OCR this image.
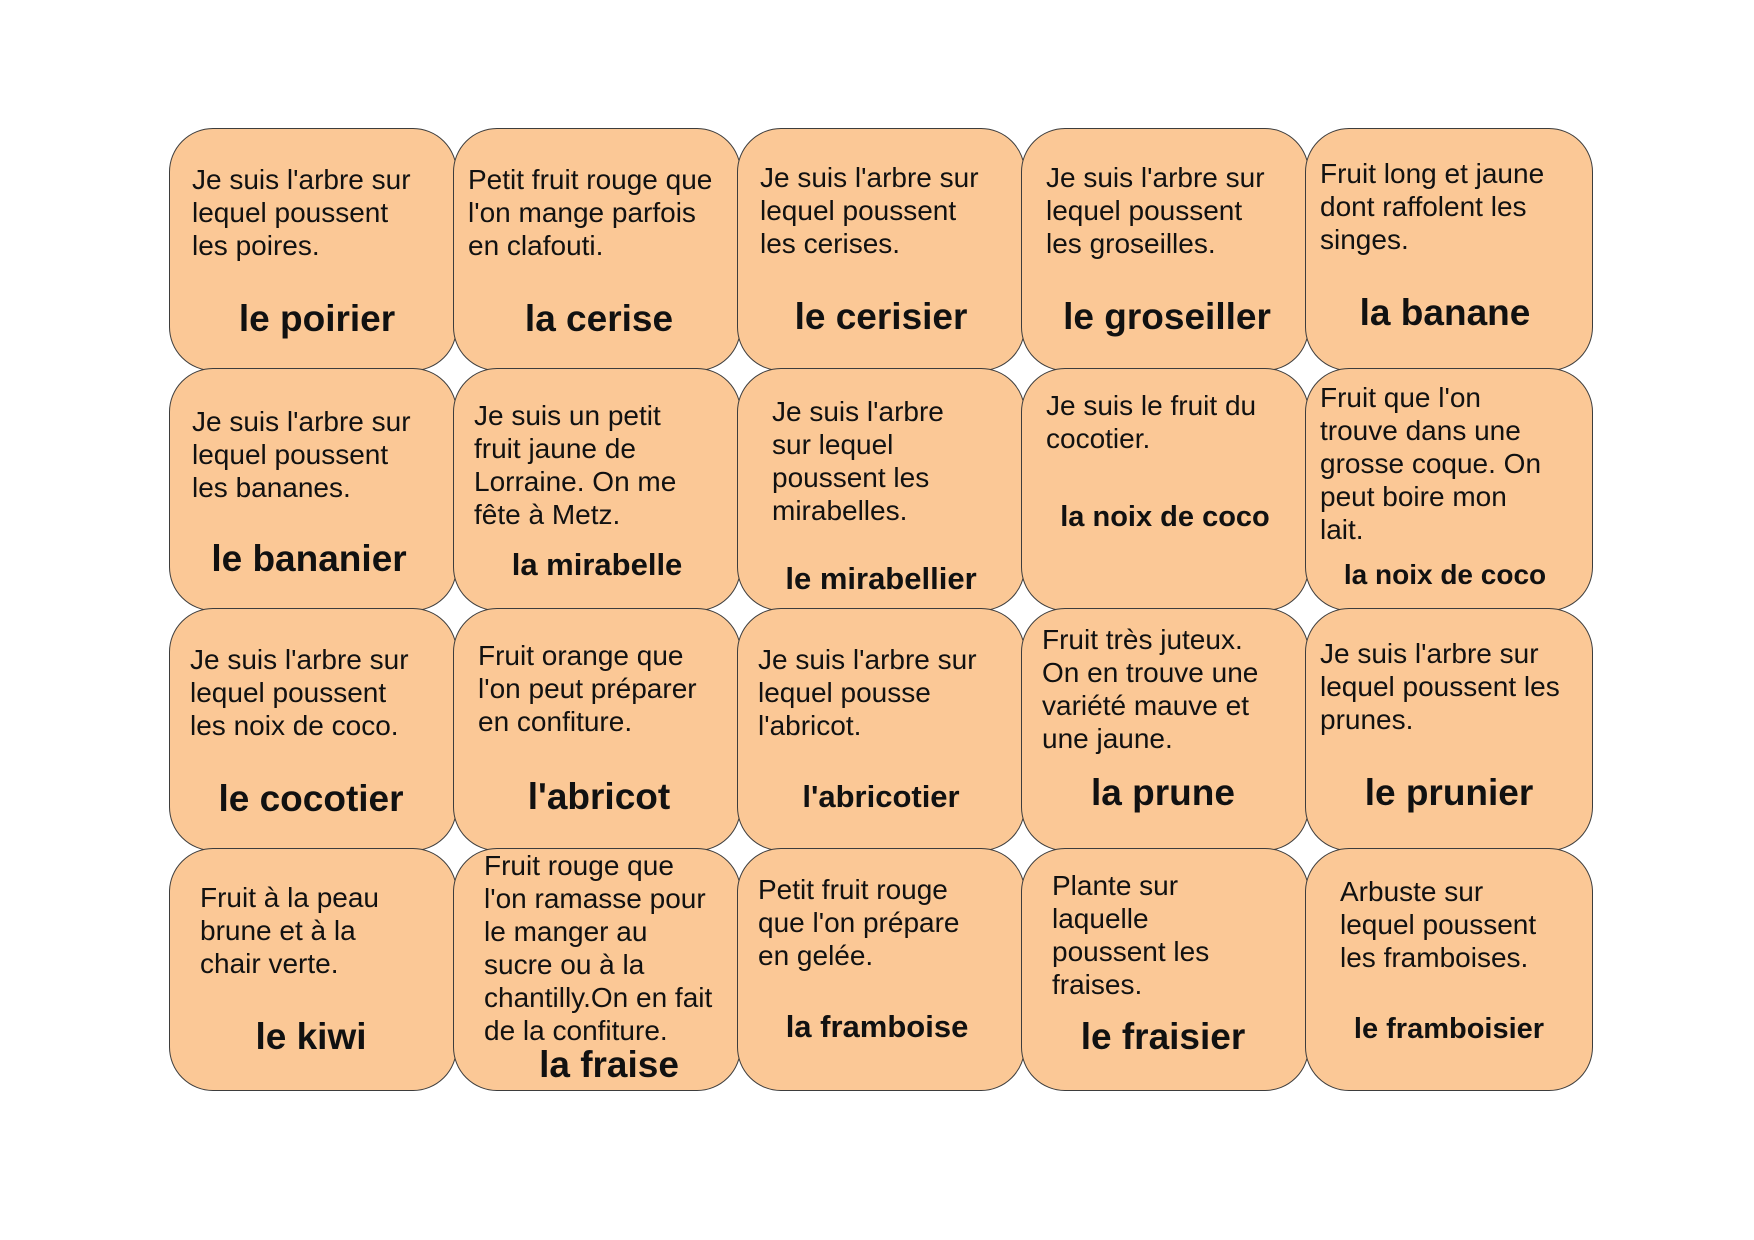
Je suis l'arbre sur
lequel poussent
les poires.
le poirier
Petit fruit rouge que
l'on mange parfois
en clafouti.
la cerise
Je suis l'arbre sur
lequel poussent
les cerises.
le cerisier
Je suis l'arbre sur
lequel poussent
les groseilles.
le groseiller
Fruit long et jaune
dont raffolent les
singes.
la banane
Je suis l'arbre sur
lequel poussent
les bananes.
le bananier
Je suis un petit
fruit jaune de
Lorraine. On me
fête à Metz.
la mirabelle
Je suis l'arbre
sur lequel
poussent les
mirabelles.
le mirabellier
Je suis le fruit du
cocotier.
la noix de coco
Fruit que l'on
trouve dans une
grosse coque. On
peut boire mon
lait.
la noix de coco
Je suis l'arbre sur
lequel poussent
les noix de coco.
le cocotier
Fruit orange que
l'on peut préparer
en confiture.
l'abricot
Je suis l'arbre sur
lequel pousse
l'abricot.
l'abricotier
Fruit très juteux.
On en trouve une
variété mauve et
une jaune.
la prune
Je suis l'arbre sur
lequel poussent les
prunes.
le prunier
Fruit à la peau
brune et à la
chair verte.
le kiwi
Fruit rouge que
l'on ramasse pour
le manger au
sucre ou à la
chantilly.On en fait
de la confiture.
la fraise
Petit fruit rouge
que l'on prépare
en gelée.
la framboise
Plante sur
laquelle
poussent les
fraises.
le fraisier
Arbuste sur
lequel poussent
les framboises.
le framboisier
